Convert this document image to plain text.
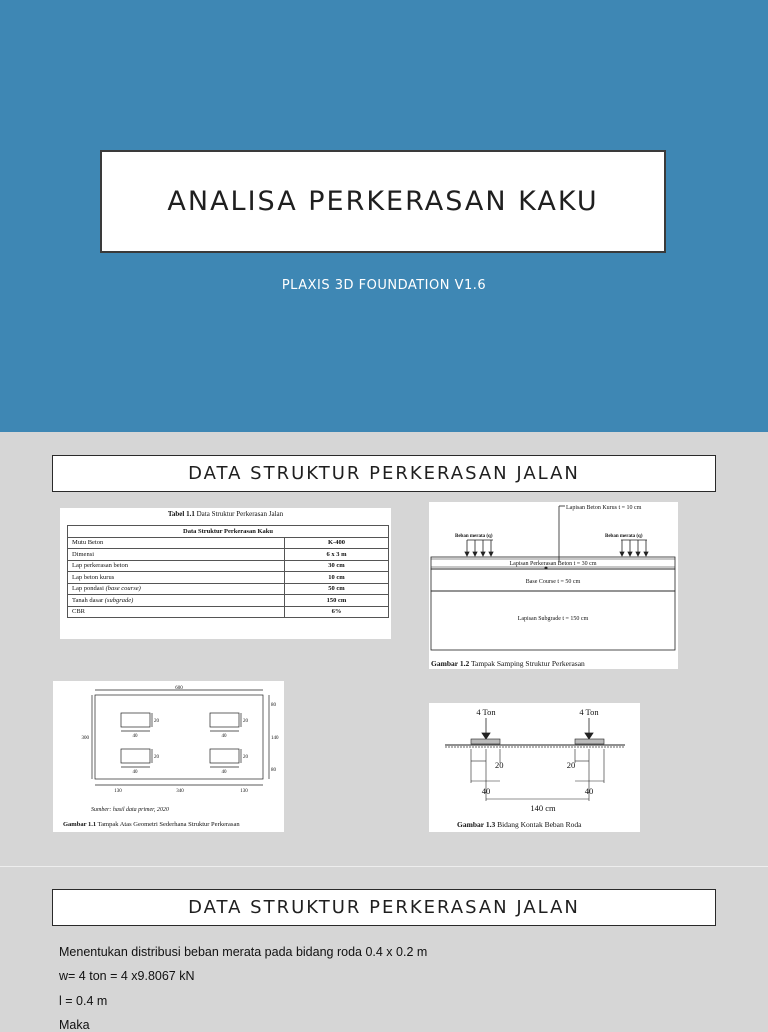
ANALISA PERKERASAN KAKU
PLAXIS 3D FOUNDATION V1.6
DATA STRUKTUR PERKERASAN JALAN
Tabel 1.1 Data Struktur Perkerasan Jalan
Data Struktur Perkerasan Kaku	
Mutu Beton	K-400
Dimensi	6 x 3 m
Lap perkerasan beton	30 cm
Lap beton kurus	10 cm
Lap pondasi (base course)	50 cm
Tanah dasar (subgrade)	150 cm
CBR	6%
Lapisan Beton Kurus t = 10 cm
Beban merata (q)	Beban merata (q)
Lapisan Perkerasan Beton t = 30 cm
Base Course t = 50 cm
Lapisan Subgrade t = 150 cm
Gambar 1.2 Tampak Samping Struktur Perkerasan
600
300	40	40
40	40
20	20
20	20
80
140
80
130	340	130
Sumber: hasil data primer, 2020
Gambar 1.1 Tampak Atas Geometri Sederhana Struktur Perkerasan
4 Ton	4 Ton
20	20
40	40
140 cm
Gambar 1.3 Bidang Kontak Beban Roda
DATA STRUKTUR PERKERASAN JALAN
Menentukan distribusi beban merata pada bidang roda 0.4 x 0.2 m
w= 4 ton = 4 x9.8067 kN
l = 0.4 m
Maka
